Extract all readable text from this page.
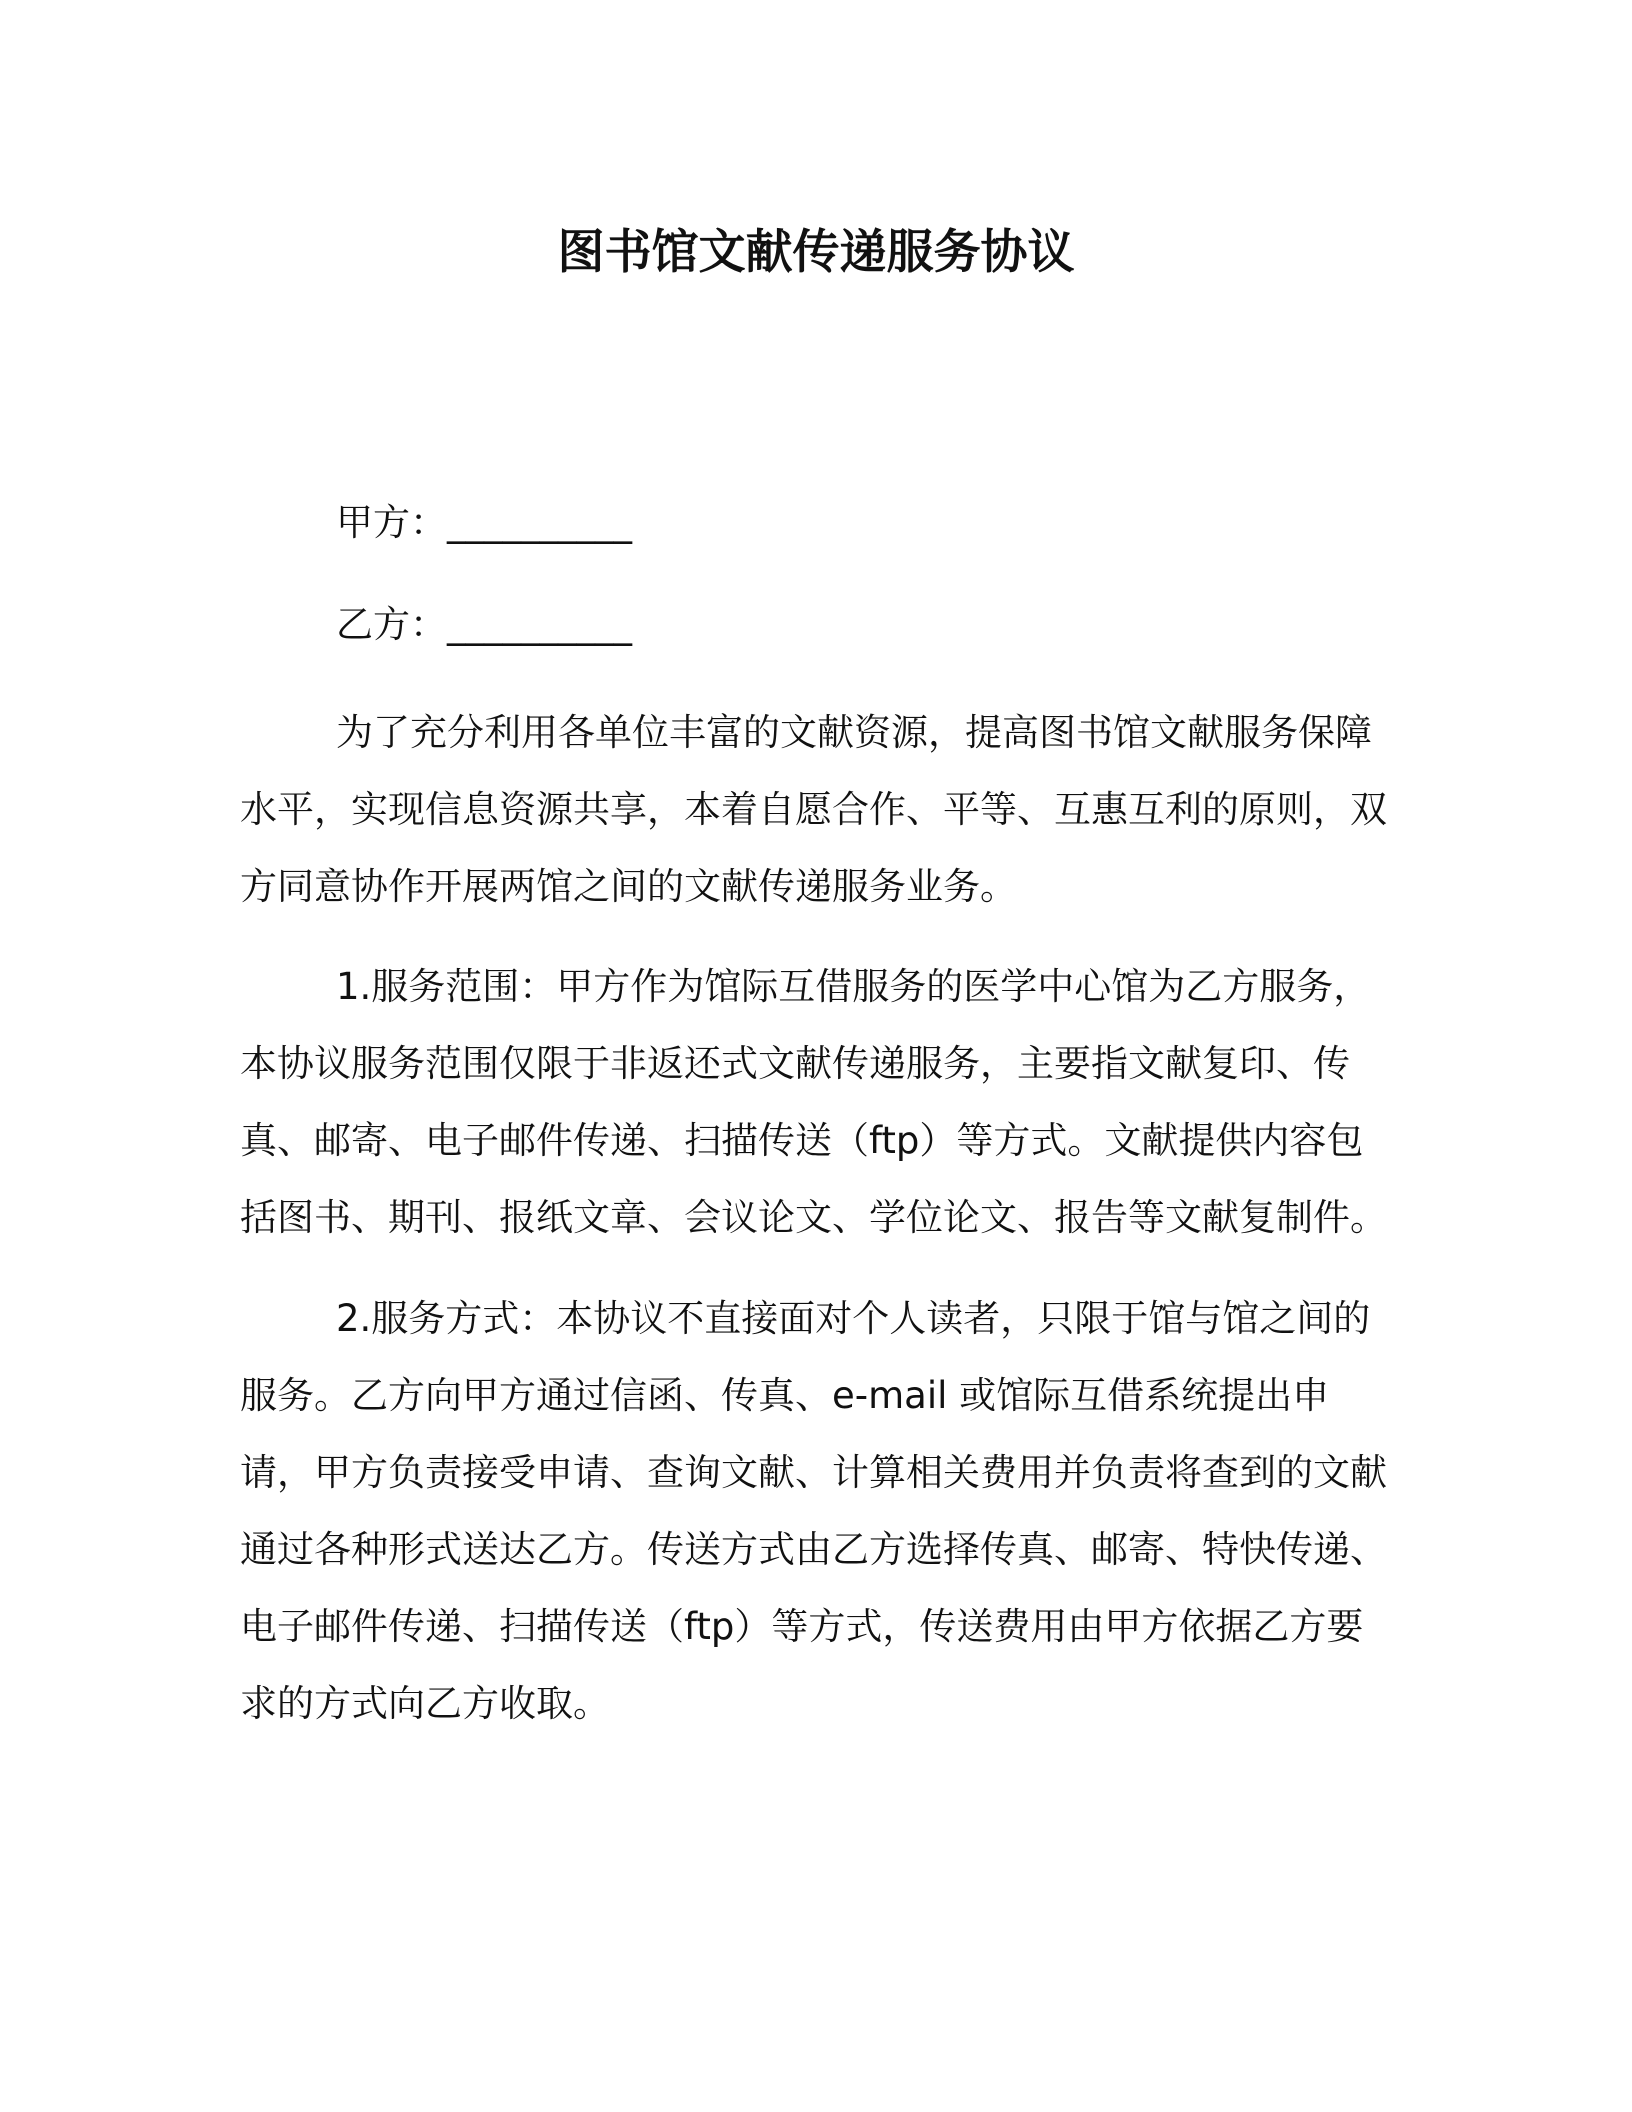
图书馆文献传递服务协议
甲方：__________
乙方：__________

为了充分利用各单位丰富的文献资源，提高图书馆文献服务保障水平，实现信息资源共享，本着自愿合作、平等、互惠互利的原则，双方同意协作开展两馆之间的文献传递服务业务。

1.服务范围：甲方作为馆际互借服务的医学中心馆为乙方服务，本协议服务范围仅限于非返还式文献传递服务，主要指文献复印、传真、邮寄、电子邮件传递、扫描传送（ftp）等方式。文献提供内容包括图书、期刊、报纸文章、会议论文、学位论文、报告等文献复制件。

2.服务方式：本协议不直接面对个人读者，只限于馆与馆之间的服务。乙方向甲方通过信函、传真、e-mail 或馆际互借系统提出申请，甲方负责接受申请、查询文献、计算相关费用并负责将查到的文献通过各种形式送达乙方。传送方式由乙方选择传真、邮寄、特快传递、电子邮件传递、扫描传送（ftp）等方式，传送费用由甲方依据乙方要求的方式向乙方收取。
